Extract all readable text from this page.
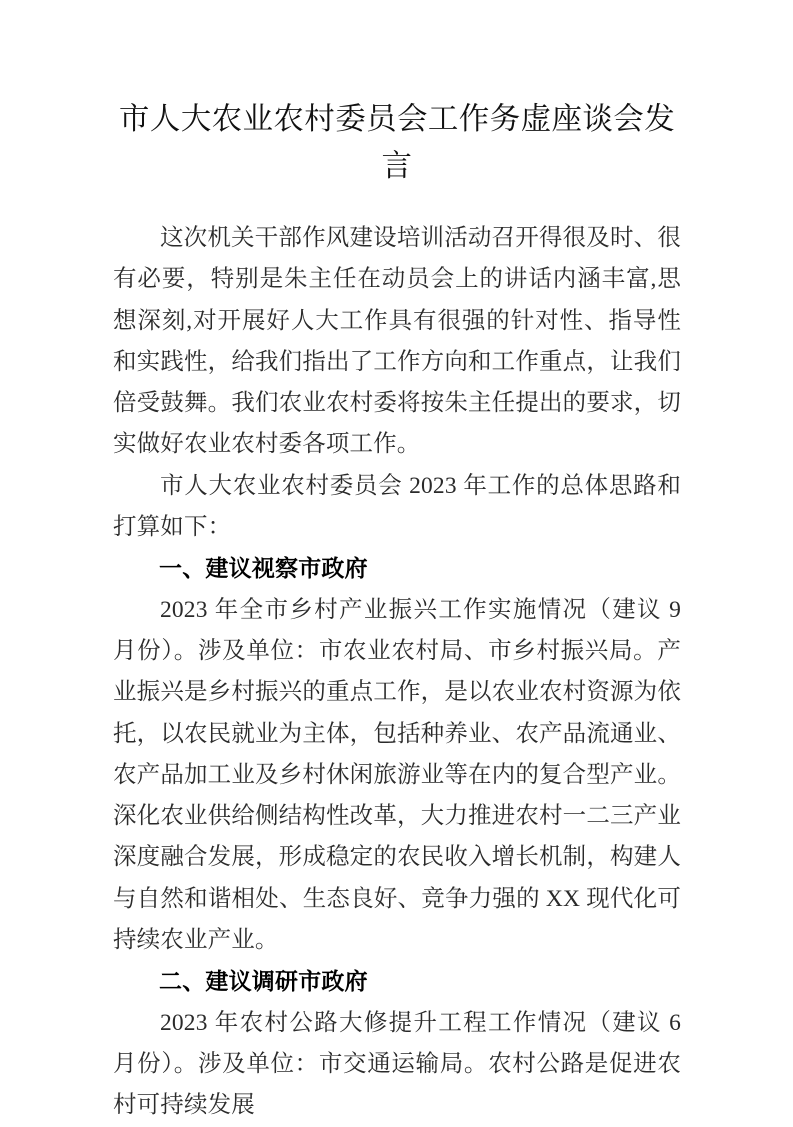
市人大农业农村委员会工作务虚座谈会发言

这次机关干部作风建设培训活动召开得很及时、很有必要，特别是朱主任在动员会上的讲话内涵丰富,思想深刻,对开展好人大工作具有很强的针对性、指导性和实践性，给我们指出了工作方向和工作重点，让我们倍受鼓舞。我们农业农村委将按朱主任提出的要求，切实做好农业农村委各项工作。

市人大农业农村委员会 2023 年工作的总体思路和打算如下：

一、建议视察市政府

2023 年全市乡村产业振兴工作实施情况（建议 9 月份）。涉及单位：市农业农村局、市乡村振兴局。产业振兴是乡村振兴的重点工作，是以农业农村资源为依托，以农民就业为主体，包括种养业、农产品流通业、农产品加工业及乡村休闲旅游业等在内的复合型产业。深化农业供给侧结构性改革，大力推进农村一二三产业深度融合发展，形成稳定的农民收入增长机制，构建人与自然和谐相处、生态良好、竞争力强的 XX 现代化可持续农业产业。

二、建议调研市政府

2023 年农村公路大修提升工程工作情况（建议 6 月份）。涉及单位：市交通运输局。农村公路是促进农村可持续发展
